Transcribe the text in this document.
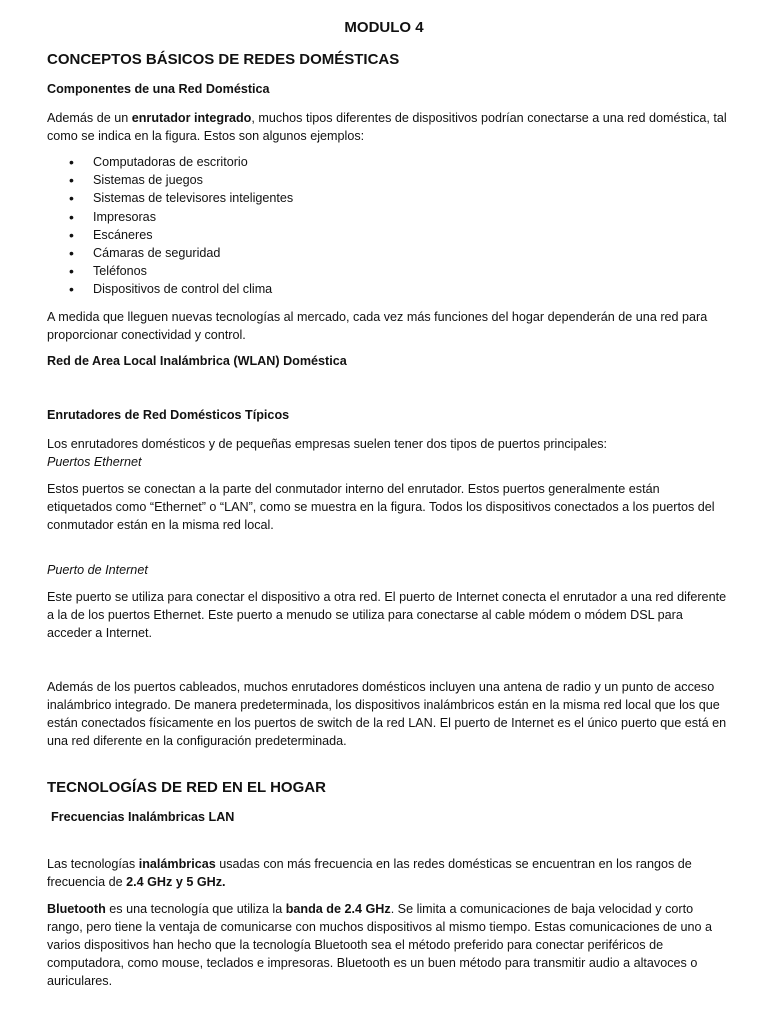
MODULO 4
CONCEPTOS BÁSICOS DE REDES DOMÉSTICAS
Componentes de una Red Doméstica
Además de un enrutador integrado, muchos tipos diferentes de dispositivos podrían conectarse a una red doméstica, tal como se indica en la figura. Estos son algunos ejemplos:
• Computadoras de escritorio
• Sistemas de juegos
• Sistemas de televisores inteligentes
• Impresoras
• Escáneres
• Cámaras de seguridad
• Teléfonos
• Dispositivos de control del clima
A medida que lleguen nuevas tecnologías al mercado, cada vez más funciones del hogar dependerán de una red para proporcionar conectividad y control.
Red de Area Local Inalámbrica (WLAN) Doméstica
Enrutadores de Red Domésticos Típicos
Los enrutadores domésticos y de pequeñas empresas suelen tener dos tipos de puertos principales:
Puertos Ethernet
Estos puertos se conectan a la parte del conmutador interno del enrutador. Estos puertos generalmente están etiquetados como “Ethernet” o “LAN”, como se muestra en la figura. Todos los dispositivos conectados a los puertos del conmutador están en la misma red local.
Puerto de Internet
Este puerto se utiliza para conectar el dispositivo a otra red. El puerto de Internet conecta el enrutador a una red diferente a la de los puertos Ethernet. Este puerto a menudo se utiliza para conectarse al cable módem o módem DSL para acceder a Internet.
Además de los puertos cableados, muchos enrutadores domésticos incluyen una antena de radio y un punto de acceso inalámbrico integrado. De manera predeterminada, los dispositivos inalámbricos están en la misma red local que los que están conectados físicamente en los puertos de switch de la red LAN. El puerto de Internet es el único puerto que está en una red diferente en la configuración predeterminada.
TECNOLOGÍAS DE RED EN EL HOGAR
Frecuencias Inalámbricas LAN
Las tecnologías inalámbricas usadas con más frecuencia en las redes domésticas se encuentran en los rangos de frecuencia de 2.4 GHz y 5 GHz.
Bluetooth es una tecnología que utiliza la banda de 2.4 GHz. Se limita a comunicaciones de baja velocidad y corto rango, pero tiene la ventaja de comunicarse con muchos dispositivos al mismo tiempo. Estas comunicaciones de uno a varios dispositivos han hecho que la tecnología Bluetooth sea el método preferido para conectar periféricos de computadora, como mouse, teclados e impresoras. Bluetooth es un buen método para transmitir audio a altavoces o auriculares.
